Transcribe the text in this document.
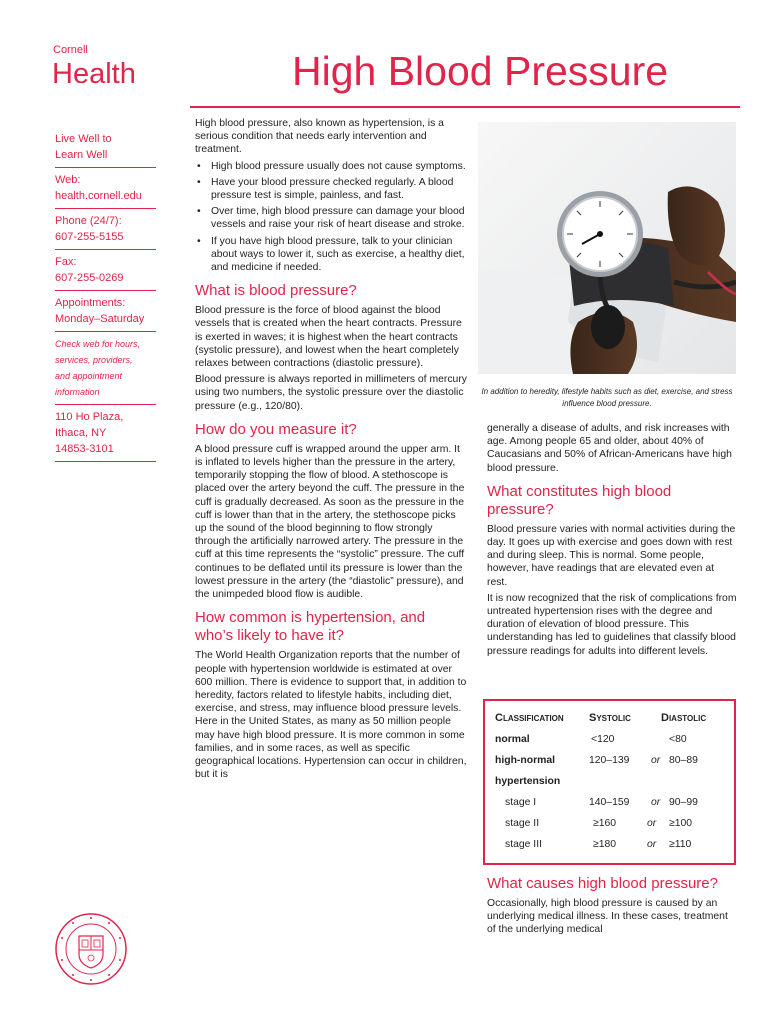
Cornell
Health	High Blood Pressure
Live Well to
Learn Well
Web:
health.cornell.edu
Phone (24/7):
607-255-5155
Fax:
607-255-0269
Appointments:
Monday–Saturday
Check web for hours,
services, providers,
and appointment
information
110 Ho Plaza,
Ithaca, NY
14853-3101

High blood pressure, also known as hypertension, is a serious condition that needs early intervention and treatment.

• High blood pressure usually does not cause symptoms.
• Have your blood pressure checked regularly. A blood pressure test is simple, painless, and fast.
• Over time, high blood pressure can damage your blood vessels and raise your risk of heart disease and stroke.
• If you have high blood pressure, talk to your clinician about ways to lower it, such as exercise, a healthy diet, and medicine if needed.
What is blood pressure?

Blood pressure is the force of blood against the blood vessels that is created when the heart contracts. Pressure is exerted in waves; it is highest when the heart contracts (systolic pressure), and lowest when the heart completely relaxes between contractions (diastolic pressure).

Blood pressure is always reported in millimeters of mercury using two numbers, the systolic pressure over the diastolic pressure (e.g., 120/80).

How do you measure it?

A blood pressure cuff is wrapped around the upper arm. It is inflated to levels higher than the pressure in the artery, temporarily stopping the flow of blood. A stethoscope is placed over the artery beyond the cuff. The pressure in the cuff is gradually decreased. As soon as the pressure in the cuff is lower than that in the artery, the stethoscope picks up the sound of the blood beginning to flow strongly through the artificially narrowed artery. The pressure in the cuff at this time represents the “systolic” pressure. The cuff continues to be deflated until its pressure is lower than the lowest pressure in the artery (the “diastolic” pressure), and the unimpeded blood flow is audible.

How common is hypertension, and who’s likely to have it?

The World Health Organization reports that the number of people with hypertension worldwide is estimated at over 600 million. There is evidence to support that, in addition to heredity, factors related to lifestyle habits, including diet, exercise, and stress, may influence blood pressure levels. Here in the United States, as many as 50 million people may have high blood pressure. It is more common in some families, and in some races, as well as specific geographical locations. Hypertension can occur in children, but it is

In addition to heredity, lifestyle habits such as diet, exercise, and stress influence blood pressure.

generally a disease of adults, and risk increases with age. Among people 65 and older, about 40% of Caucasians and 50% of African-Americans have high blood pressure.

What constitutes high blood pressure?

Blood pressure varies with normal activities during the day. It goes up with exercise and goes down with rest and during sleep. This is normal. Some people, however, have readings that are elevated even at rest.

It is now recognized that the risk of complications from untreated hypertension rises with the degree and duration of elevation of blood pressure. This understanding has led to guidelines that classify blood pressure readings for adults into different levels.

Classification Systolic	Diastolic
normal	<120	<80
high-normal	120–139 or 80–89
hypertension
stage I	140–159 or 90–99
stage II	≥160	or ≥100
stage III	≥180	or ≥110
What causes high blood pressure?

Occasionally, high blood pressure is caused by an underlying medical illness. In these cases, treatment of the underlying medical
